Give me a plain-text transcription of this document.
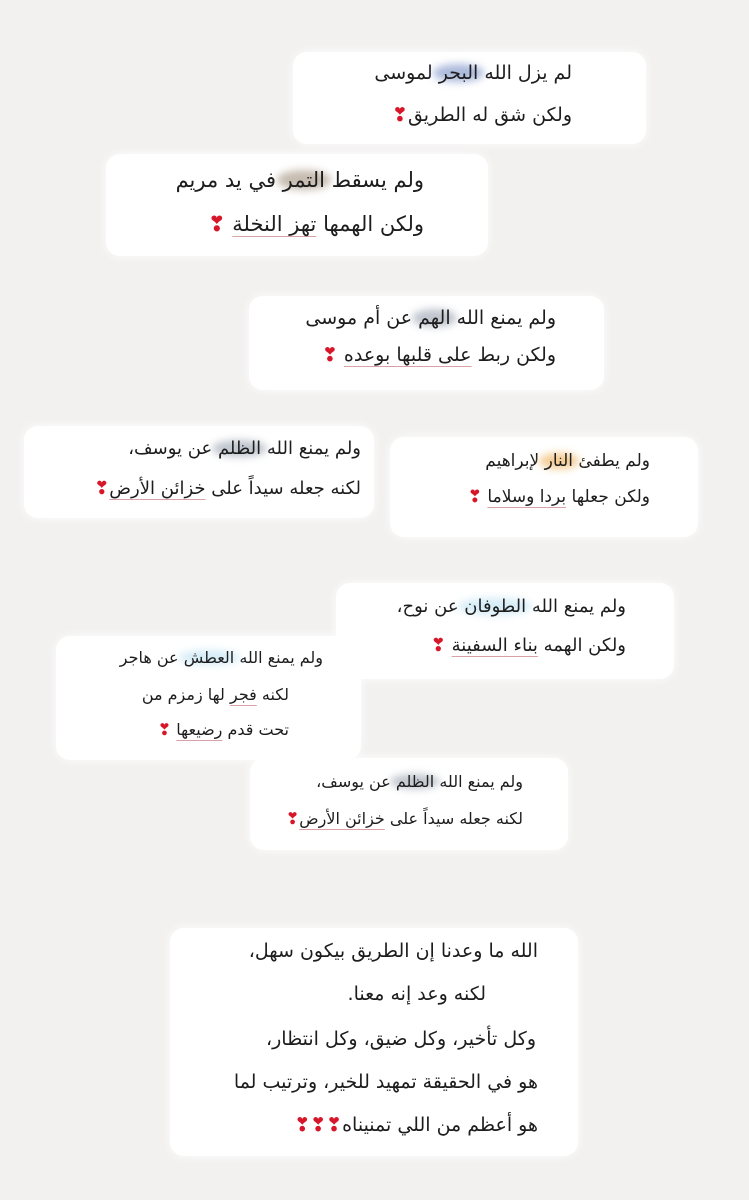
لم يزل الله البحر لموسى
ولكن شق له الطريق❣
ولم يسقط التمر في يد مريم
ولكن الهمها تهز النخلة ❣
ولم يمنع الله الهم عن أم موسى
ولكن ربط على قلبها بوعده ❣
ولم يمنع الله الظلم عن يوسف،
لكنه جعله سيداً على خزائن الأرض❣
ولم يطفئ النار لإبراهيم
ولكن جعلها بردا وسلاما ❣
ولم يمنع الله الطوفان عن نوح،
ولكن الهمه بناء السفينة ❣
ولم يمنع الله العطش عن هاجر
لكنه فجر لها زمزم من
تحت قدم رضيعها ❣
ولم يمنع الله الظلم عن يوسف،
لكنه جعله سيداً على خزائن الأرض❣
الله ما وعدنا إن الطريق بيكون سهل،
لكنه وعد إنه معنا.
وكل تأخير، وكل ضيق، وكل انتظار،
هو في الحقيقة تمهيد للخير، وترتيب لما
هو أعظم من اللي تمنيناه❣❣❣
